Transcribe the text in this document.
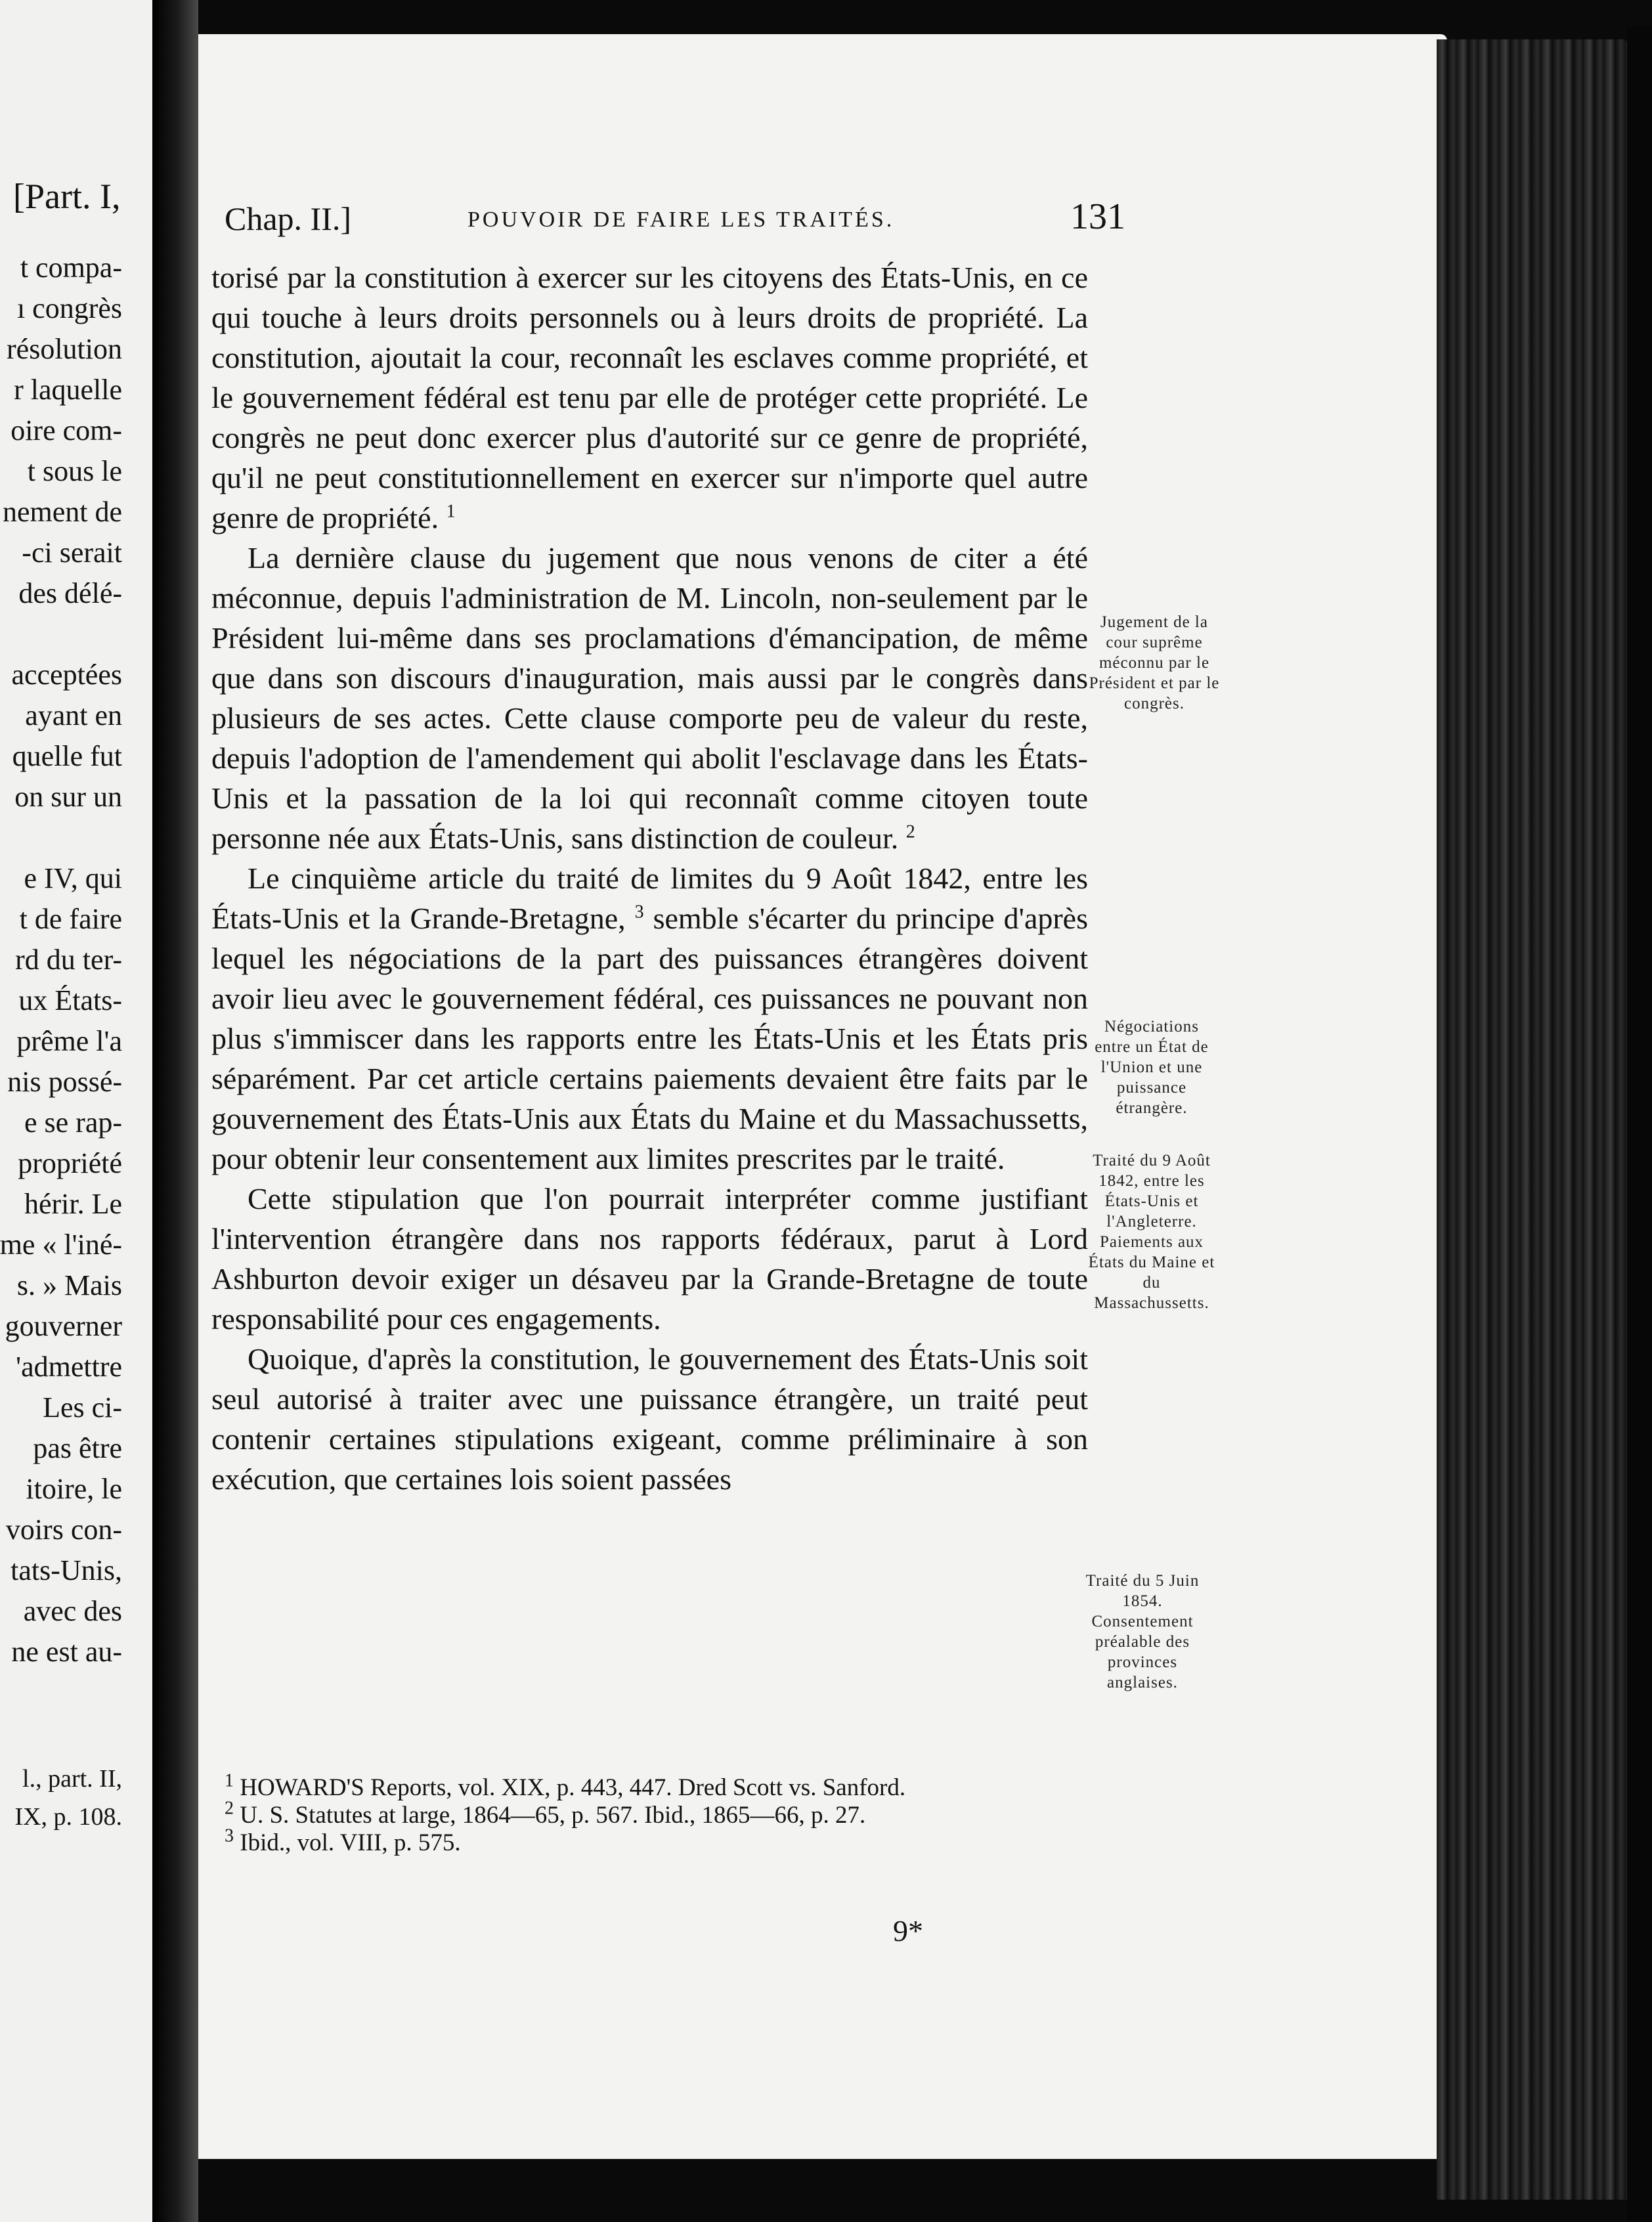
[Part. I,
t compa-
ı congrès
résolution
r laquelle
oire com-
t sous le
nement de
-ci serait
des délé-
acceptées
ayant en
quelle fut
on sur un
e IV, qui
t de faire
rd du ter-
ux États-
prême l'a
nis possé-
e se rap-
propriété
hérir. Le
me « l'iné-
s. » Mais
gouverner
'admettre
Les ci-
pas être
itoire, le
voirs con-
tats-Unis,
avec des
ne est au-
l., part. II,
IX, p. 108.
Chap. II.]	POUVOIR DE FAIRE LES TRAITÉS.	131

torisé par la constitution à exercer sur les citoyens des États-Unis, en ce qui touche à leurs droits personnels ou à leurs droits de propriété. La constitution, ajoutait la cour, reconnaît les esclaves comme propriété, et le gouvernement fédéral est tenu par elle de protéger cette propriété. Le congrès ne peut donc exercer plus d'autorité sur ce genre de propriété, qu'il ne peut constitutionnellement en exercer sur n'importe quel autre genre de propriété. $^1$

La dernière clause du jugement que nous venons de citer a été méconnue, depuis l'administration de M. Lincoln, non-seulement par le Président lui-même dans ses proclamations d'émancipation, de même que dans son discours d'inauguration, mais aussi par le congrès dans plusieurs de ses actes. Cette clause comporte peu de valeur du reste, depuis l'adoption de l'amendement qui abolit l'esclavage dans les États-Unis et la passation de la loi qui reconnaît comme citoyen toute personne née aux États-Unis, sans distinction de couleur. $^2$

Le cinquième article du traité de limites du 9 Août 1842, entre les États-Unis et la Grande-Bretagne, $^3$ semble s'écarter du principe d'après lequel les négociations de la part des puissances étrangères doivent avoir lieu avec le gouvernement fédéral, ces puissances ne pouvant non plus s'immiscer dans les rapports entre les États-Unis et les États pris séparément. Par cet article certains paiements devaient être faits par le gouvernement des États-Unis aux États du Maine et du Massachussetts, pour obtenir leur consentement aux limites prescrites par le traité.

Cette stipulation que l'on pourrait interpréter comme justifiant l'intervention étrangère dans nos rapports fédéraux, parut à Lord Ashburton devoir exiger un désaveu par la Grande-Bretagne de toute responsabilité pour ces engagements.

Quoique, d'après la constitution, le gouvernement des États-Unis soit seul autorisé à traiter avec une puissance étrangère, un traité peut contenir certaines stipulations exigeant, comme préliminaire à son exécution, que certaines lois soient passées

Jugement de la cour suprême méconnu par le Président et par le congrès.
Négociations entre un État de l'Union et une puissance étrangère.
Traité du 9 Août 1842, entre les États-Unis et l'Angleterre. Paiements aux États du Maine et du Massachussetts.
Traité du 5 Juin 1854. Consentement préalable des provinces anglaises.
$^1$ HOWARD'S Reports, vol. XIX, p. 443, 447. Dred Scott vs. Sanford.
$^2$ U. S. Statutes at large, 1864—65, p. 567. Ibid., 1865—66, p. 27.
$^3$ Ibid., vol. VIII, p. 575.
9*
